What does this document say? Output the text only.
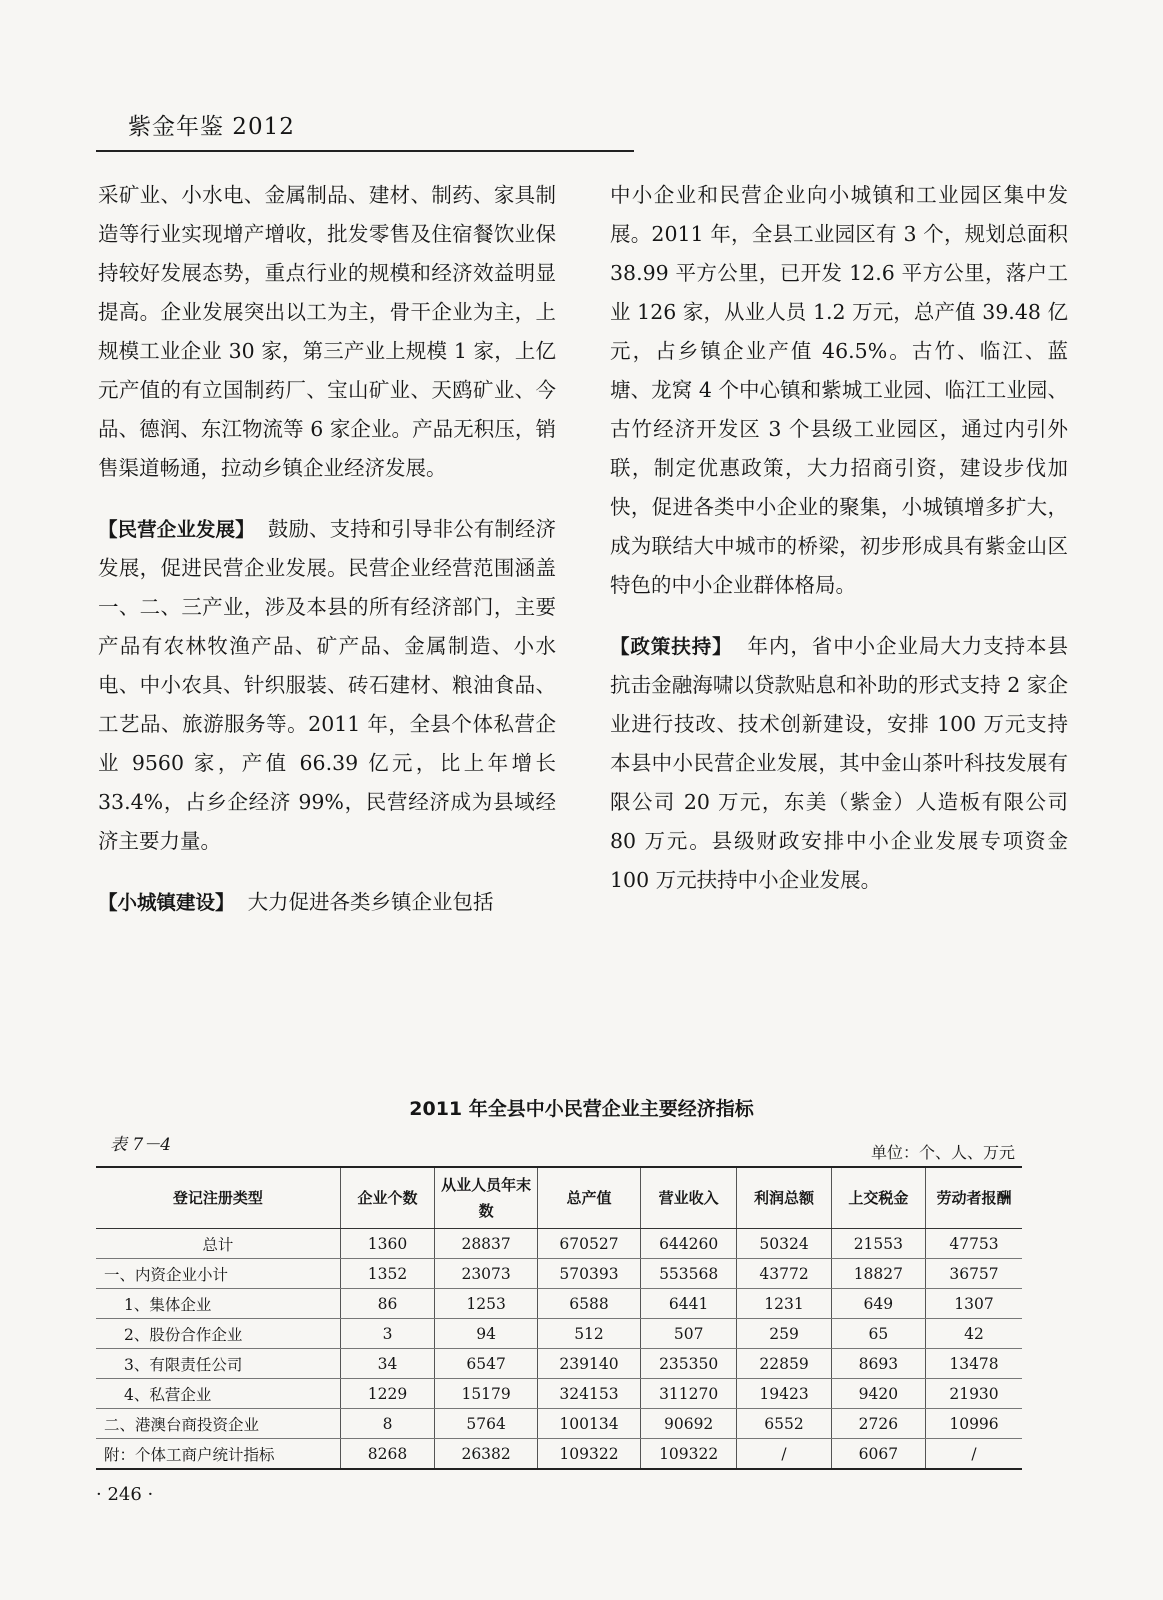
紫金年鉴 2012

采矿业、小水电、金属制品、建材、制药、家具制造等行业实现增产增收，批发零售及住宿餐饮业保持较好发展态势，重点行业的规模和经济效益明显提高。企业发展突出以工为主，骨干企业为主，上规模工业企业 30 家，第三产业上规模 1 家，上亿元产值的有立国制药厂、宝山矿业、天鸥矿业、今品、德润、东江物流等 6 家企业。产品无积压，销售渠道畅通，拉动乡镇企业经济发展。

【民营企业发展】 鼓励、支持和引导非公有制经济发展，促进民营企业发展。民营企业经营范围涵盖一、二、三产业，涉及本县的所有经济部门，主要产品有农林牧渔产品、矿产品、金属制造、小水电、中小农具、针织服装、砖石建材、粮油食品、工艺品、旅游服务等。2011 年，全县个体私营企业 9560 家，产值 66.39 亿元，比上年增长 33.4%，占乡企经济 99%，民营经济成为县域经济主要力量。

【小城镇建设】 大力促进各类乡镇企业包括

中小企业和民营企业向小城镇和工业园区集中发展。2011 年，全县工业园区有 3 个，规划总面积 38.99 平方公里，已开发 12.6 平方公里，落户工业 126 家，从业人员 1.2 万元，总产值 39.48 亿元，占乡镇企业产值 46.5%。古竹、临江、蓝塘、龙窝 4 个中心镇和紫城工业园、临江工业园、古竹经济开发区 3 个县级工业园区，通过内引外联，制定优惠政策，大力招商引资，建设步伐加快，促进各类中小企业的聚集，小城镇增多扩大，成为联结大中城市的桥梁，初步形成具有紫金山区特色的中小企业群体格局。

【政策扶持】 年内，省中小企业局大力支持本县抗击金融海啸以贷款贴息和补助的形式支持 2 家企业进行技改、技术创新建设，安排 100 万元支持本县中小民营企业发展，其中金山茶叶科技发展有限公司 20 万元，东美（紫金）人造板有限公司 80 万元。县级财政安排中小企业发展专项资金 100 万元扶持中小企业发展。

2011 年全县中小民营企业主要经济指标
表 7－4	单位：个、人、万元
登记注册类型	企业个数	从业人员年末数	总产值	营业收入	利润总额	上交税金	劳动者报酬
总计	1360	28837	670527	644260	50324	21553	47753
一、内资企业小计	1352	23073	570393	553568	43772	18827	36757
1、集体企业	86	1253	6588	6441	1231	649	1307
2、股份合作企业	3	94	512	507	259	65	42
3、有限责任公司	34	6547	239140	235350	22859	8693	13478
4、私营企业	1229	15179	324153	311270	19423	9420	21930
二、港澳台商投资企业	8	5764	100134	90692	6552	2726	10996
附：个体工商户统计指标	8268	26382	109322	109322	/	6067	/
· 246 ·
